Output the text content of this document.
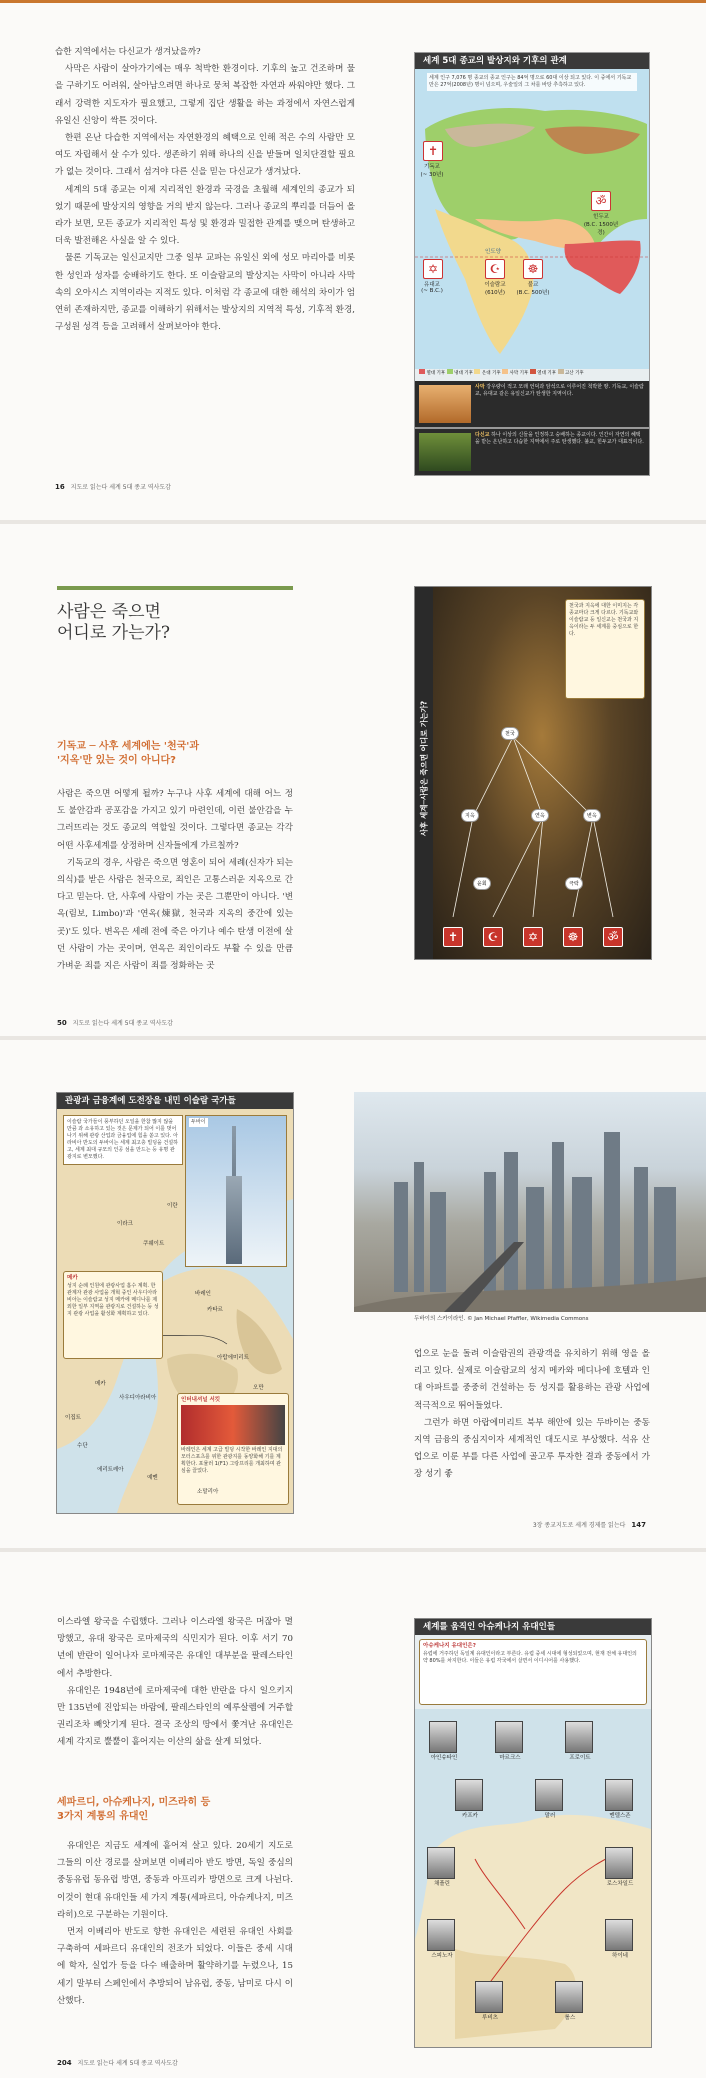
습한 지역에서는 다신교가 생겨났을까?

사막은 사람이 살아가기에는 매우 척박한 환경이다. 기후의 높고 건조하며 물을 구하기도 어려워, 살아남으려면 하나로 뭉쳐 복잡한 자연과 싸워야만 했다. 그래서 강력한 지도자가 필요했고, 그렇게 집단 생활을 하는 과정에서 자연스럽게 유일신 신앙이 싹튼 것이다.

한편 온난 다습한 지역에서는 자연환경의 혜택으로 인해 적은 수의 사람만 모여도 자립해서 살 수가 있다. 생존하기 위해 하나의 신을 받들며 일치단결할 필요가 없는 것이다. 그래서 섬겨야 다른 신을 믿는 다신교가 생겨났다.

세계의 5대 종교는 이제 지리적인 환경과 국경을 초월해 세계인의 종교가 되었기 때문에 발상지의 영향을 거의 받지 않는다. 그러나 종교의 뿌리를 더듬어 올라가 보면, 모든 종교가 지리적인 특성 및 환경과 밀접한 관계를 맺으며 탄생하고 더욱 발전해온 사실을 알 수 있다.

물론 기독교는 일신교지만 그중 일부 교파는 유일신 외에 성모 마리아를 비롯한 성인과 성자를 숭배하기도 한다. 또 이슬람교의 발상지는 사막이 아니라 사막 속의 오아시스 지역이라는 지적도 있다. 이처럼 각 종교에 대한 해석의 차이가 엄연히 존재하지만, 종교를 이해하기 위해서는 발상지의 지역적 특성, 기후적 환경, 구성원 성격 등을 고려해서 살펴보아야 한다.

16 지도로 읽는다 세계 5대 종교 역사도감
세계 5대 종교의 발상지와 기후의 관계
세계 인구 7,076 명 종교의 종교 인구는 84억 명으로 60대 이상 되고 있다. 이 중에서 기독교만은 27억(2008년) 명이 넘으며, 우술일의 그 차를 바탕 추측하고 있다.
✝
기독교
(~ 30년)
ॐ
힌두교
(B.C. 1500년경)
✡
유대교
(~ B.C.)
☪
이슬람교
(610년)
☸
불교
(B.C. 500년)
인도양
열대 기후 냉대 기후 온대 기후 사막 기후 열대 기후 고산 기후
사막 강우량이 적고 모래 언덕과 암석으로 이루어진 척박한 땅. 기독교, 이슬람교, 유대교 같은 유일신교가 탄생한 지역이다.
다신교 하나 이상의 신들을 인정하고 숭배하는 종교이다. 인간이 자연의 혜택을 받는 온난하고 다습한 지역에서 주로 탄생했다. 불교, 힌두교가 대표적이다.
사람은 죽으면
어디로 가는가?
기독교 ─ 사후 세계에는 '천국'과
'지옥'만 있는 것이 아니다?

사람은 죽으면 어떻게 될까? 누구나 사후 세계에 대해 어느 정도 불안감과 공포감을 가지고 있기 마련인데, 이런 불안감을 누그러뜨리는 것도 종교의 역할일 것이다. 그렇다면 종교는 각각 어떤 사후세계를 상정하며 신자들에게 가르칠까?

기독교의 경우, 사람은 죽으면 영혼이 되어 세례(신자가 되는 의식)를 받은 사람은 천국으로, 죄인은 고통스러운 지옥으로 간다고 믿는다. 단, 사후에 사람이 가는 곳은 그뿐만이 아니다. '변옥(림보, Limbo)'과 '연옥(煉獄, 천국과 지옥의 중간에 있는 곳)'도 있다. 변옥은 세례 전에 죽은 아기나 예수 탄생 이전에 살던 사람이 가는 곳이며, 연옥은 죄인이라도 부활 수 있을 만큼 가벼운 죄를 지은 사람이 죄를 정화하는 곳

50 지도로 읽는다 세계 5대 종교 역사도감
사후 세계─사람은 죽으면 어디로 가는가?
천국과 지옥에 대한 이미지는 각 종교마다 크게 다르다. 기독교와 이슬람교 등 일신교는 천국과 지옥이라는 두 세계를 중심으로 한다.
천국
지옥	연옥	변옥
윤회	극락
✝	☪	✡	☸	ॐ
관광과 금융계에 도전장을 내민 이슬람 국가들
이슬람 국가들이 풍부하던 오일을 한참 많지 않을 만큼 과 소유하고 있는 것은 문제가 되어 이를 벗어나기 위해 관광 산업과 금융업에 힘을 쏟고 있다. 아라비아 반도의 두바이는 세계 최고층 빌딩을 건설하고, 세계 최대 규모의 인공 섬을 만드는 등 유명 관광지로 변모했다.
두바이
메카
성지 순례 인원에 관광사업 흡수 계획. 한 관계자 관광 사업을 개혁 중인 사우디아라비아는 이슬람교 성지 메카에 메디나를 제외한 일부 지역을 관광지로 건설하는 등 성지 관광 사업을 활성화 계획하고 있다.
인터내셔널 서킷
바레인은 세계 고급 빌딩 시작한 바레인 지대의 모터스포츠를 위한 관광지를 동양화해 기를 계획한다. 포뮬러 1(F1) 그랑프리를 개최하며 관심을 끌었다.
이라크
이란
쿠웨이트
바레인
카타르
사우디아라비아
아랍에미리트
메카
이집트
수단
에리트레아
예멘
오만
소말리아
두바이의 스카이라인. © Jan Michael Pfaffler, Wikimedia Commons

업으로 눈을 돌려 이슬람권의 관광객을 유치하기 위해 영을 올리고 있다. 실제로 이슬람교의 성지 메카와 메디나에 호텔과 인대 아파트를 중중히 건설하는 등 성지를 활용하는 관광 사업에 적극적으로 뛰어들었다.

그런가 하면 아랍에미리트 북부 해안에 있는 두바이는 중동 지역 금융의 중심지이자 세계적인 대도시로 부상했다. 석유 산업으로 이룬 부를 다른 사업에 골고루 투자한 결과 중동에서 가장 성기 좋

3장 종교지도로 세계 경제를 읽는다 147

이스라엘 왕국을 수립했다. 그러나 이스라엘 왕국은 머잖아 멸망했고, 유대 왕국은 로마제국의 식민지가 된다. 이후 서기 70년에 반란이 일어나자 로마제국은 유대인 대부분을 팔레스타인에서 추방한다.

유대인은 1948년에 로마제국에 대한 반란을 다시 일으키지만 135년에 진압되는 바람에, 팔레스타인의 예루살렘에 거주할 권리조차 빼앗기게 된다. 결국 조상의 땅에서 쫓겨난 유대인은 세계 각지로 뿔뿔이 흩어지는 이산의 삶을 살게 되었다.

세파르디, 아슈케나지, 미즈라히 등
3가지 계통의 유대인

유대인은 지금도 세계에 흩어져 살고 있다. 20세기 지도로 그들의 이산 경로를 살펴보면 이베리아 반도 방면, 독일 중심의 중동유럽 동유럽 방면, 중동과 아프리카 방면으로 크게 나뉜다. 이것이 현대 유대인들 세 가지 계통(세파르디, 아슈케나지, 미즈라히)으로 구분하는 기원이다.

먼저 이베리아 반도로 향한 유대인은 세련된 유대인 사회를 구축하여 세파르디 유대인의 전조가 되었다. 이들은 중세 시대에 학자, 실업가 등을 다수 배출하며 활약하기를 누렸으나, 15세기 말부터 스페인에서 추방되어 남유럽, 중동, 남미로 다시 이산했다.

204 지도로 읽는다 세계 5대 종교 역사도감
세계를 움직인 아슈케나지 유대인들
아슈케나지 유대인은?
유럽에 거주하던 독일계 유대인이라고 부른다. 유럽 중세 시대에 형성되었으며, 현재 전체 유대인의 약 80%를 차지한다. 이들은 유럽 각국에서 살면서 이디시어를 사용했다.
아인슈타인	마르크스	프로이트
카프카	말러	멘델스존
채플린	로스차일드
스피노자	하이네
루비츠	롤스
